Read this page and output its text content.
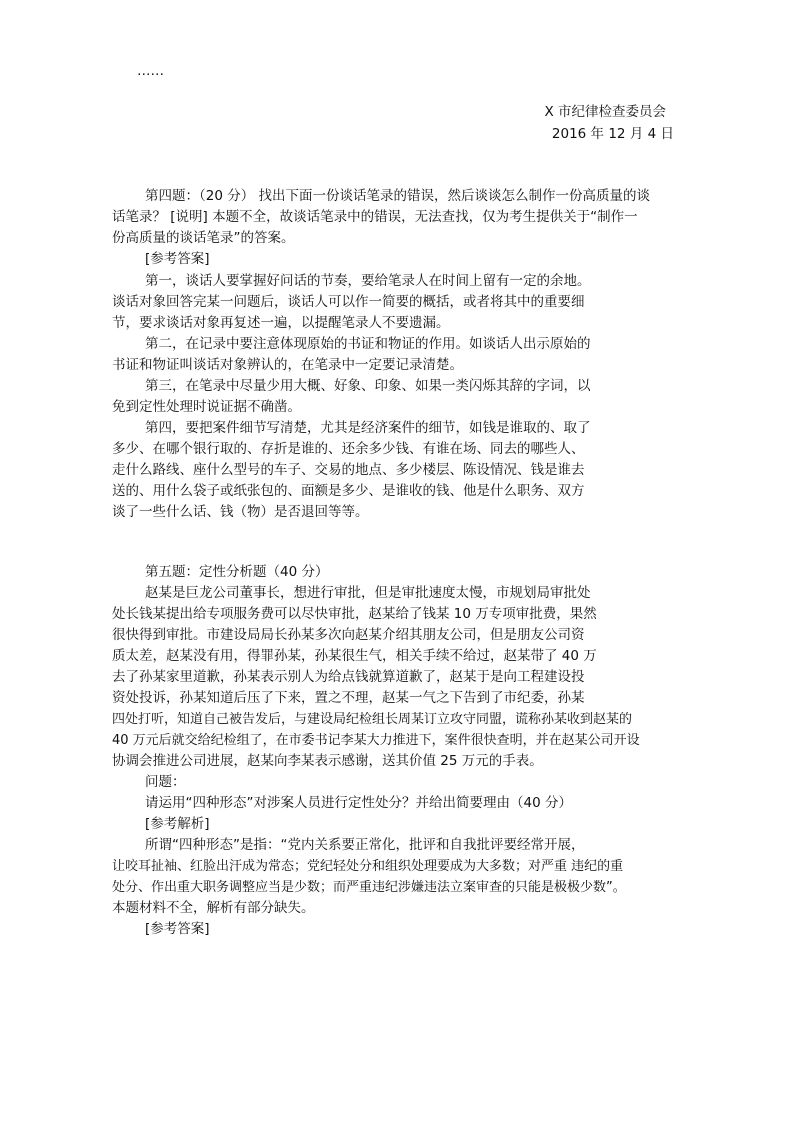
……
X 市纪律检查委员会
2016 年 12 月 4 日
第四题：（20 分） 找出下面一份谈话笔录的错误，然后谈谈怎么制作一份高质量的谈
话笔录？ [说明] 本题不全，故谈话笔录中的错误，无法查找，仅为考生提供关于“制作一
份高质量的谈话笔录”的答案。
[参考答案]
第一，谈话人要掌握好问话的节奏，要给笔录人在时间上留有一定的余地。
谈话对象回答完某一问题后，谈话人可以作一简要的概括，或者将其中的重要细
节，要求谈话对象再复述一遍，以提醒笔录人不要遗漏。
第二，在记录中要注意体现原始的书证和物证的作用。如谈话人出示原始的
书证和物证叫谈话对象辨认的，在笔录中一定要记录清楚。
第三，在笔录中尽量少用大概、好象、印象、如果一类闪烁其辞的字词，以
免到定性处理时说证据不确凿。
第四，要把案件细节写清楚，尤其是经济案件的细节，如钱是谁取的、取了
多少、在哪个银行取的、存折是谁的、还余多少钱、有谁在场、同去的哪些人、
走什么路线、座什么型号的车子、交易的地点、多少楼层、陈设情况、钱是谁去
送的、用什么袋子或纸张包的、面额是多少、是谁收的钱、他是什么职务、双方
谈了一些什么话、钱（物）是否退回等等。
第五题：定性分析题（40 分）
赵某是巨龙公司董事长，想进行审批，但是审批速度太慢，市规划局审批处
处长钱某提出给专项服务费可以尽快审批，赵某给了钱某 10 万专项审批费，果然
很快得到审批。市建设局局长孙某多次向赵某介绍其朋友公司，但是朋友公司资
质太差，赵某没有用，得罪孙某，孙某很生气，相关手续不给过，赵某带了 40 万
去了孙某家里道歉，孙某表示别人为给点钱就算道歉了，赵某于是向工程建设投
资处投诉，孙某知道后压了下来，置之不理，赵某一气之下告到了市纪委，孙某
四处打听，知道自己被告发后，与建设局纪检组长周某订立攻守同盟，谎称孙某收到赵某的
40 万元后就交给纪检组了，在市委书记李某大力推进下，案件很快查明，并在赵某公司开设
协调会推进公司进展，赵某向李某表示感谢，送其价值 25 万元的手表。
问题：
请运用“四种形态”对涉案人员进行定性处分？并给出简要理由（40 分）
[参考解析]
所谓“四种形态”是指：“党内关系要正常化，批评和自我批评要经常开展，
让咬耳扯袖、红脸出汗成为常态；党纪轻处分和组织处理要成为大多数；对严重 违纪的重
处分、作出重大职务调整应当是少数；而严重违纪涉嫌违法立案审查的只能是极极少数”。
本题材料不全，解析有部分缺失。
[参考答案]
